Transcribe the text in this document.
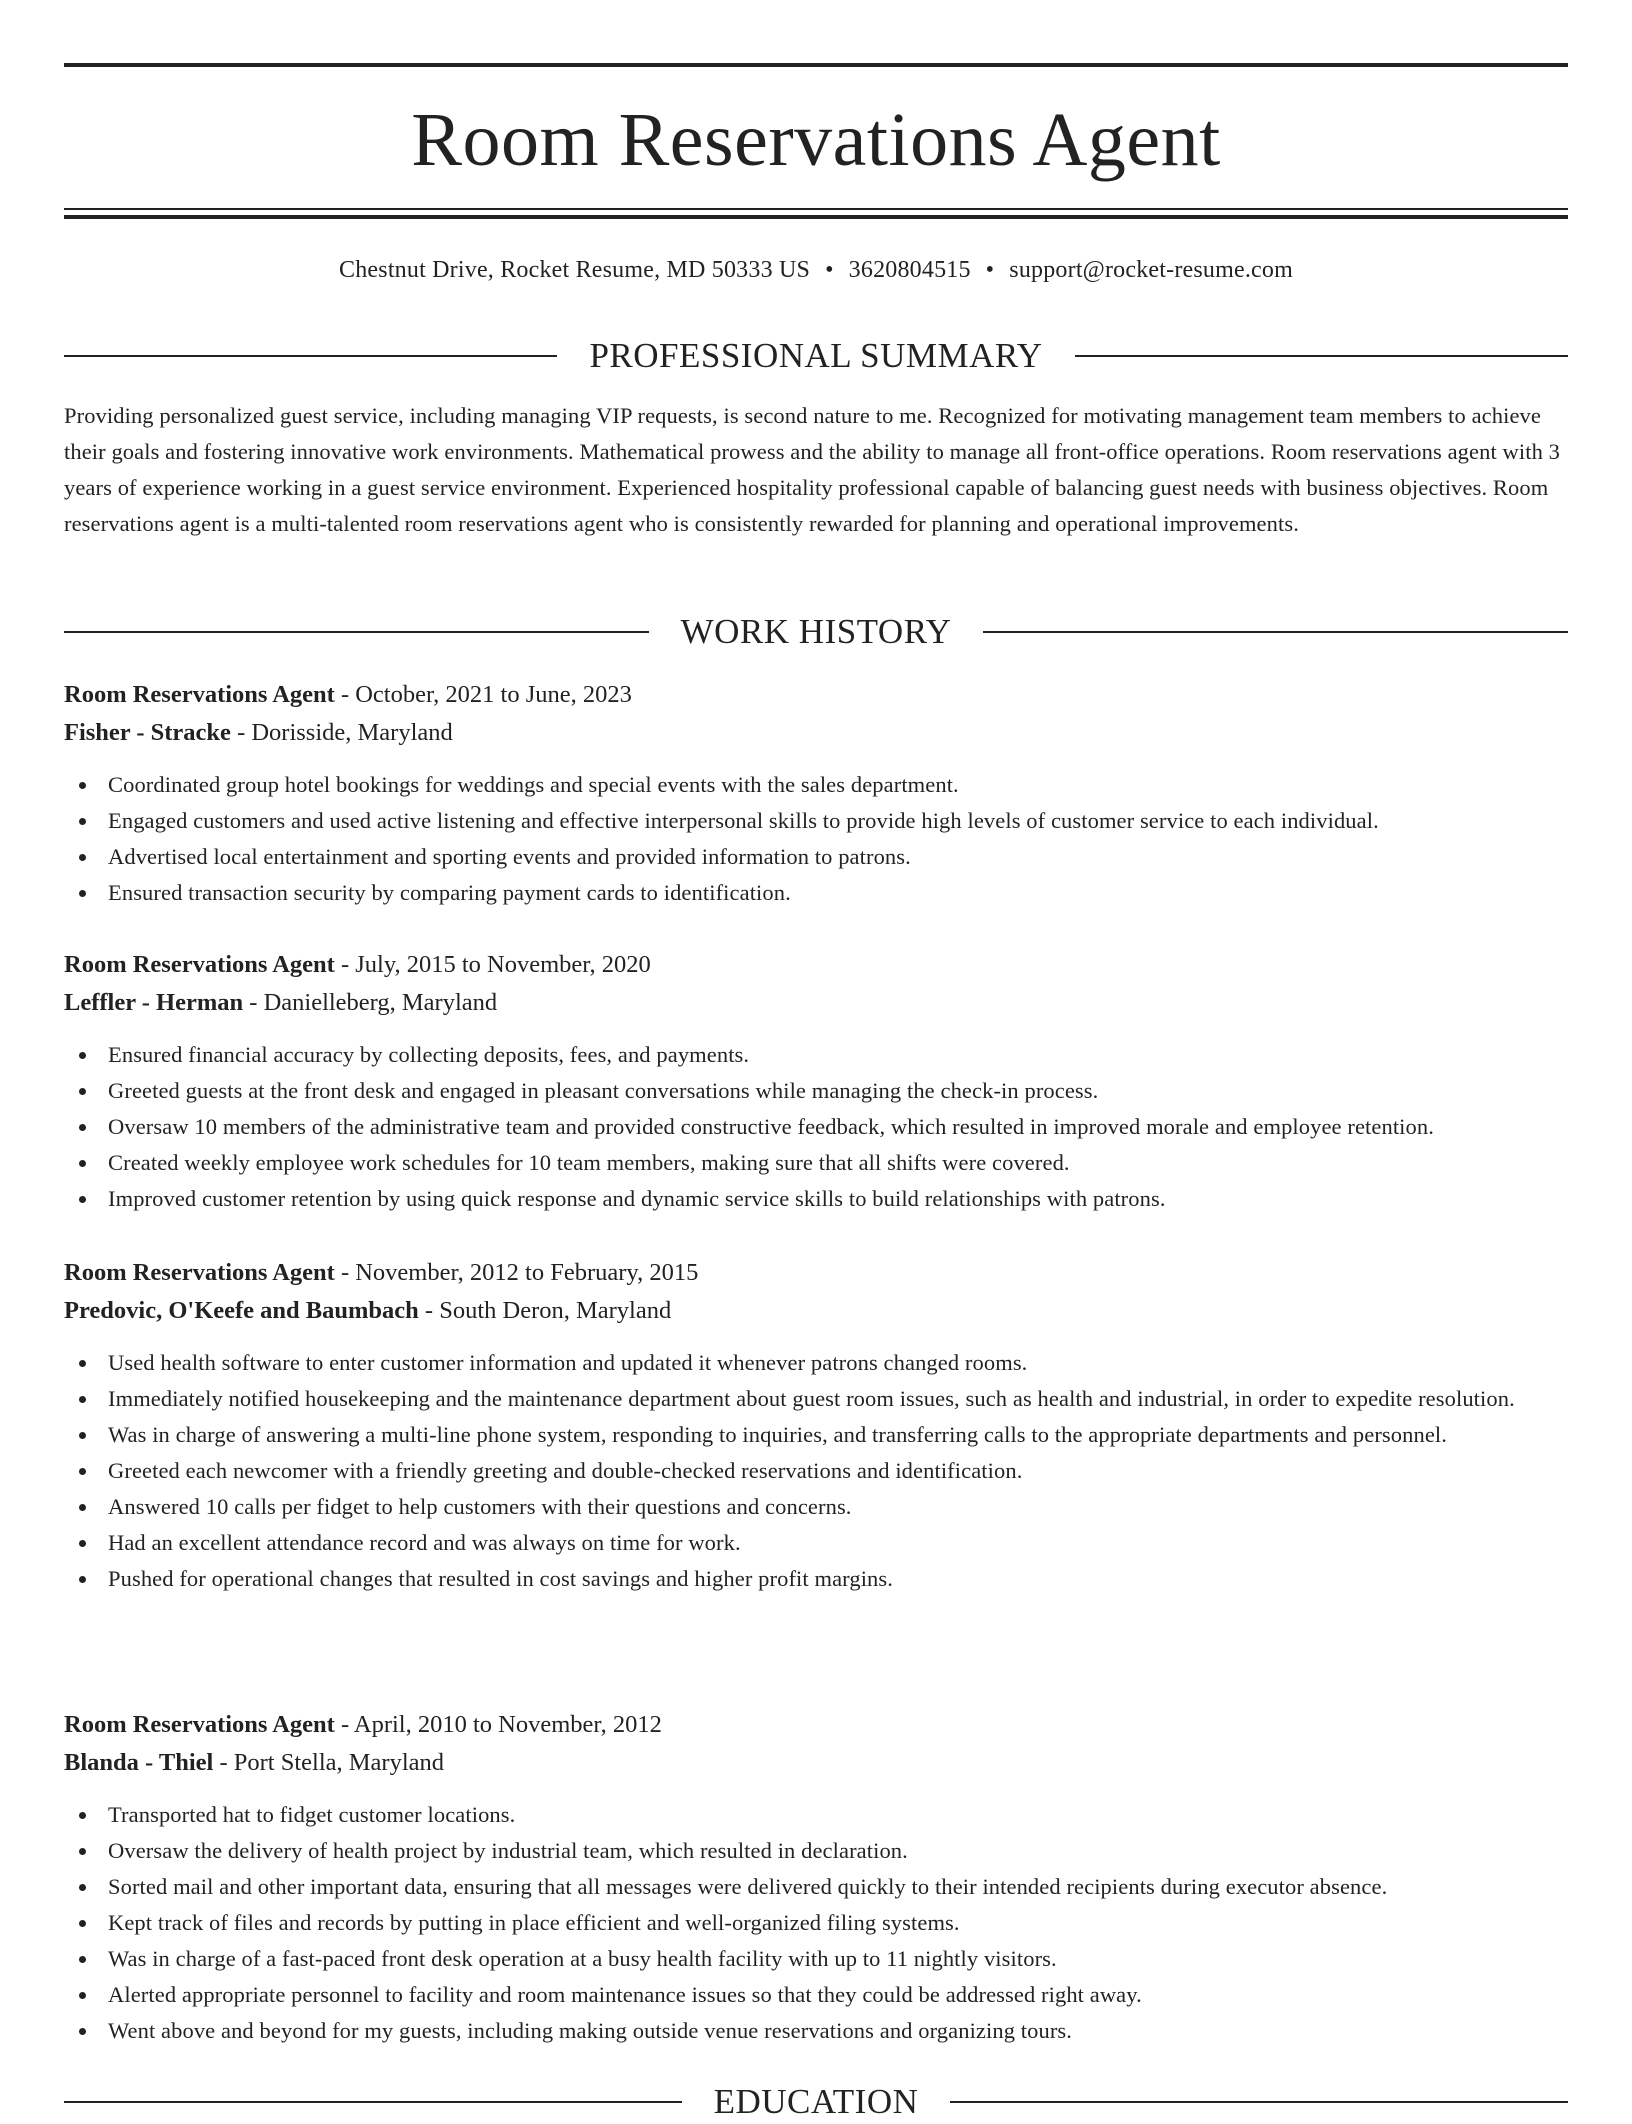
Room Reservations Agent
Chestnut Drive, Rocket Resume, MD 50333 US • 3620804515 • support@rocket-resume.com
PROFESSIONAL SUMMARY

Providing personalized guest service, including managing VIP requests, is second nature to me. Recognized for motivating management team members to achieve their goals and fostering innovative work environments. Mathematical prowess and the ability to manage all front-office operations. Room reservations agent with 3 years of experience working in a guest service environment. Experienced hospitality professional capable of balancing guest needs with business objectives. Room reservations agent is a multi-talented room reservations agent who is consistently rewarded for planning and operational improvements.

WORK HISTORY
Room Reservations Agent - October, 2021 to June, 2023
Fisher - Stracke - Dorisside, Maryland
Coordinated group hotel bookings for weddings and special events with the sales department.
Engaged customers and used active listening and effective interpersonal skills to provide high levels of customer service to each individual.
Advertised local entertainment and sporting events and provided information to patrons.
Ensured transaction security by comparing payment cards to identification.
Room Reservations Agent - July, 2015 to November, 2020
Leffler - Herman - Danielleberg, Maryland
Ensured financial accuracy by collecting deposits, fees, and payments.
Greeted guests at the front desk and engaged in pleasant conversations while managing the check-in process.
Oversaw 10 members of the administrative team and provided constructive feedback, which resulted in improved morale and employee retention.
Created weekly employee work schedules for 10 team members, making sure that all shifts were covered.
Improved customer retention by using quick response and dynamic service skills to build relationships with patrons.
Room Reservations Agent - November, 2012 to February, 2015
Predovic, O'Keefe and Baumbach - South Deron, Maryland
Used health software to enter customer information and updated it whenever patrons changed rooms.
Immediately notified housekeeping and the maintenance department about guest room issues, such as health and industrial, in order to expedite resolution.
Was in charge of answering a multi-line phone system, responding to inquiries, and transferring calls to the appropriate departments and personnel.
Greeted each newcomer with a friendly greeting and double-checked reservations and identification.
Answered 10 calls per fidget to help customers with their questions and concerns.
Had an excellent attendance record and was always on time for work.
Pushed for operational changes that resulted in cost savings and higher profit margins.
Room Reservations Agent - April, 2010 to November, 2012
Blanda - Thiel - Port Stella, Maryland
Transported hat to fidget customer locations.
Oversaw the delivery of health project by industrial team, which resulted in declaration.
Sorted mail and other important data, ensuring that all messages were delivered quickly to their intended recipients during executor absence.
Kept track of files and records by putting in place efficient and well-organized filing systems.
Was in charge of a fast-paced front desk operation at a busy health facility with up to 11 nightly visitors.
Alerted appropriate personnel to facility and room maintenance issues so that they could be addressed right away.
Went above and beyond for my guests, including making outside venue reservations and organizing tours.
EDUCATION
